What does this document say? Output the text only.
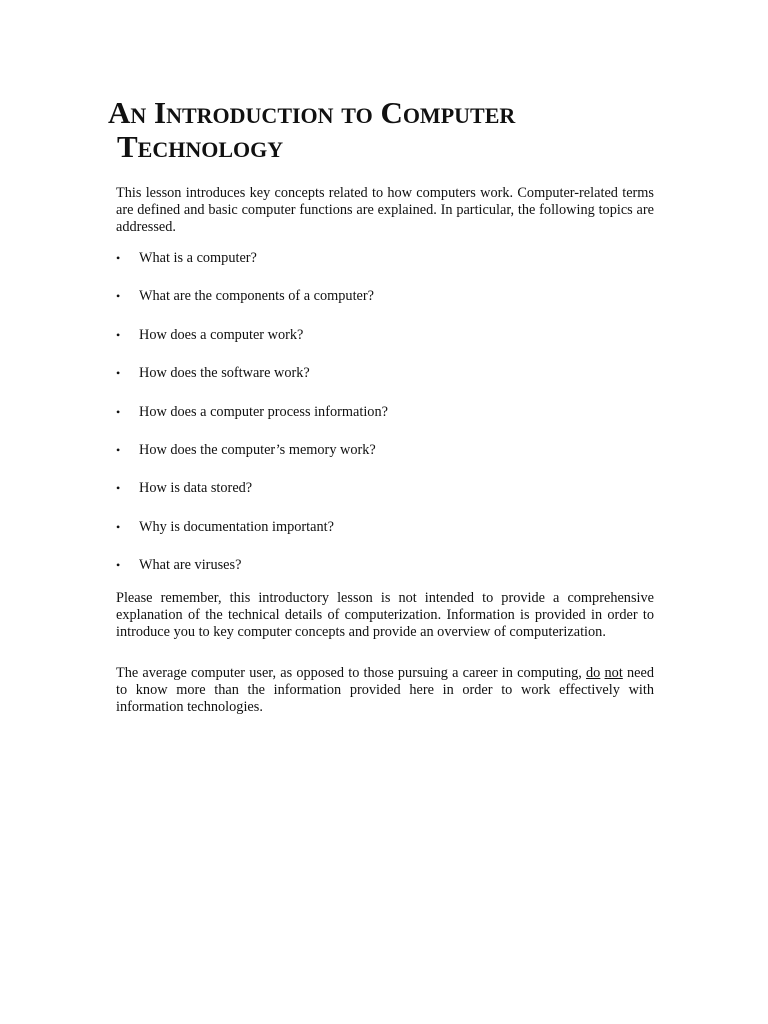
An Introduction to Computer
Technology

This lesson introduces key concepts related to how computers work. Computer-related terms are defined and basic computer functions are explained. In particular, the following topics are addressed.

• What is a computer?
• What are the components of a computer?
• How does a computer work?
• How does the software work?
• How does a computer process information?
• How does the computer’s memory work?
• How is data stored?
• Why is documentation important?
• What are viruses?

Please remember, this introductory lesson is not intended to provide a comprehensive explanation of the technical details of computerization. Information is provided in order to introduce you to key computer concepts and provide an overview of computerization.

The average computer user, as opposed to those pursuing a career in computing, do not need to know more than the information provided here in order to work effectively with information technologies.
